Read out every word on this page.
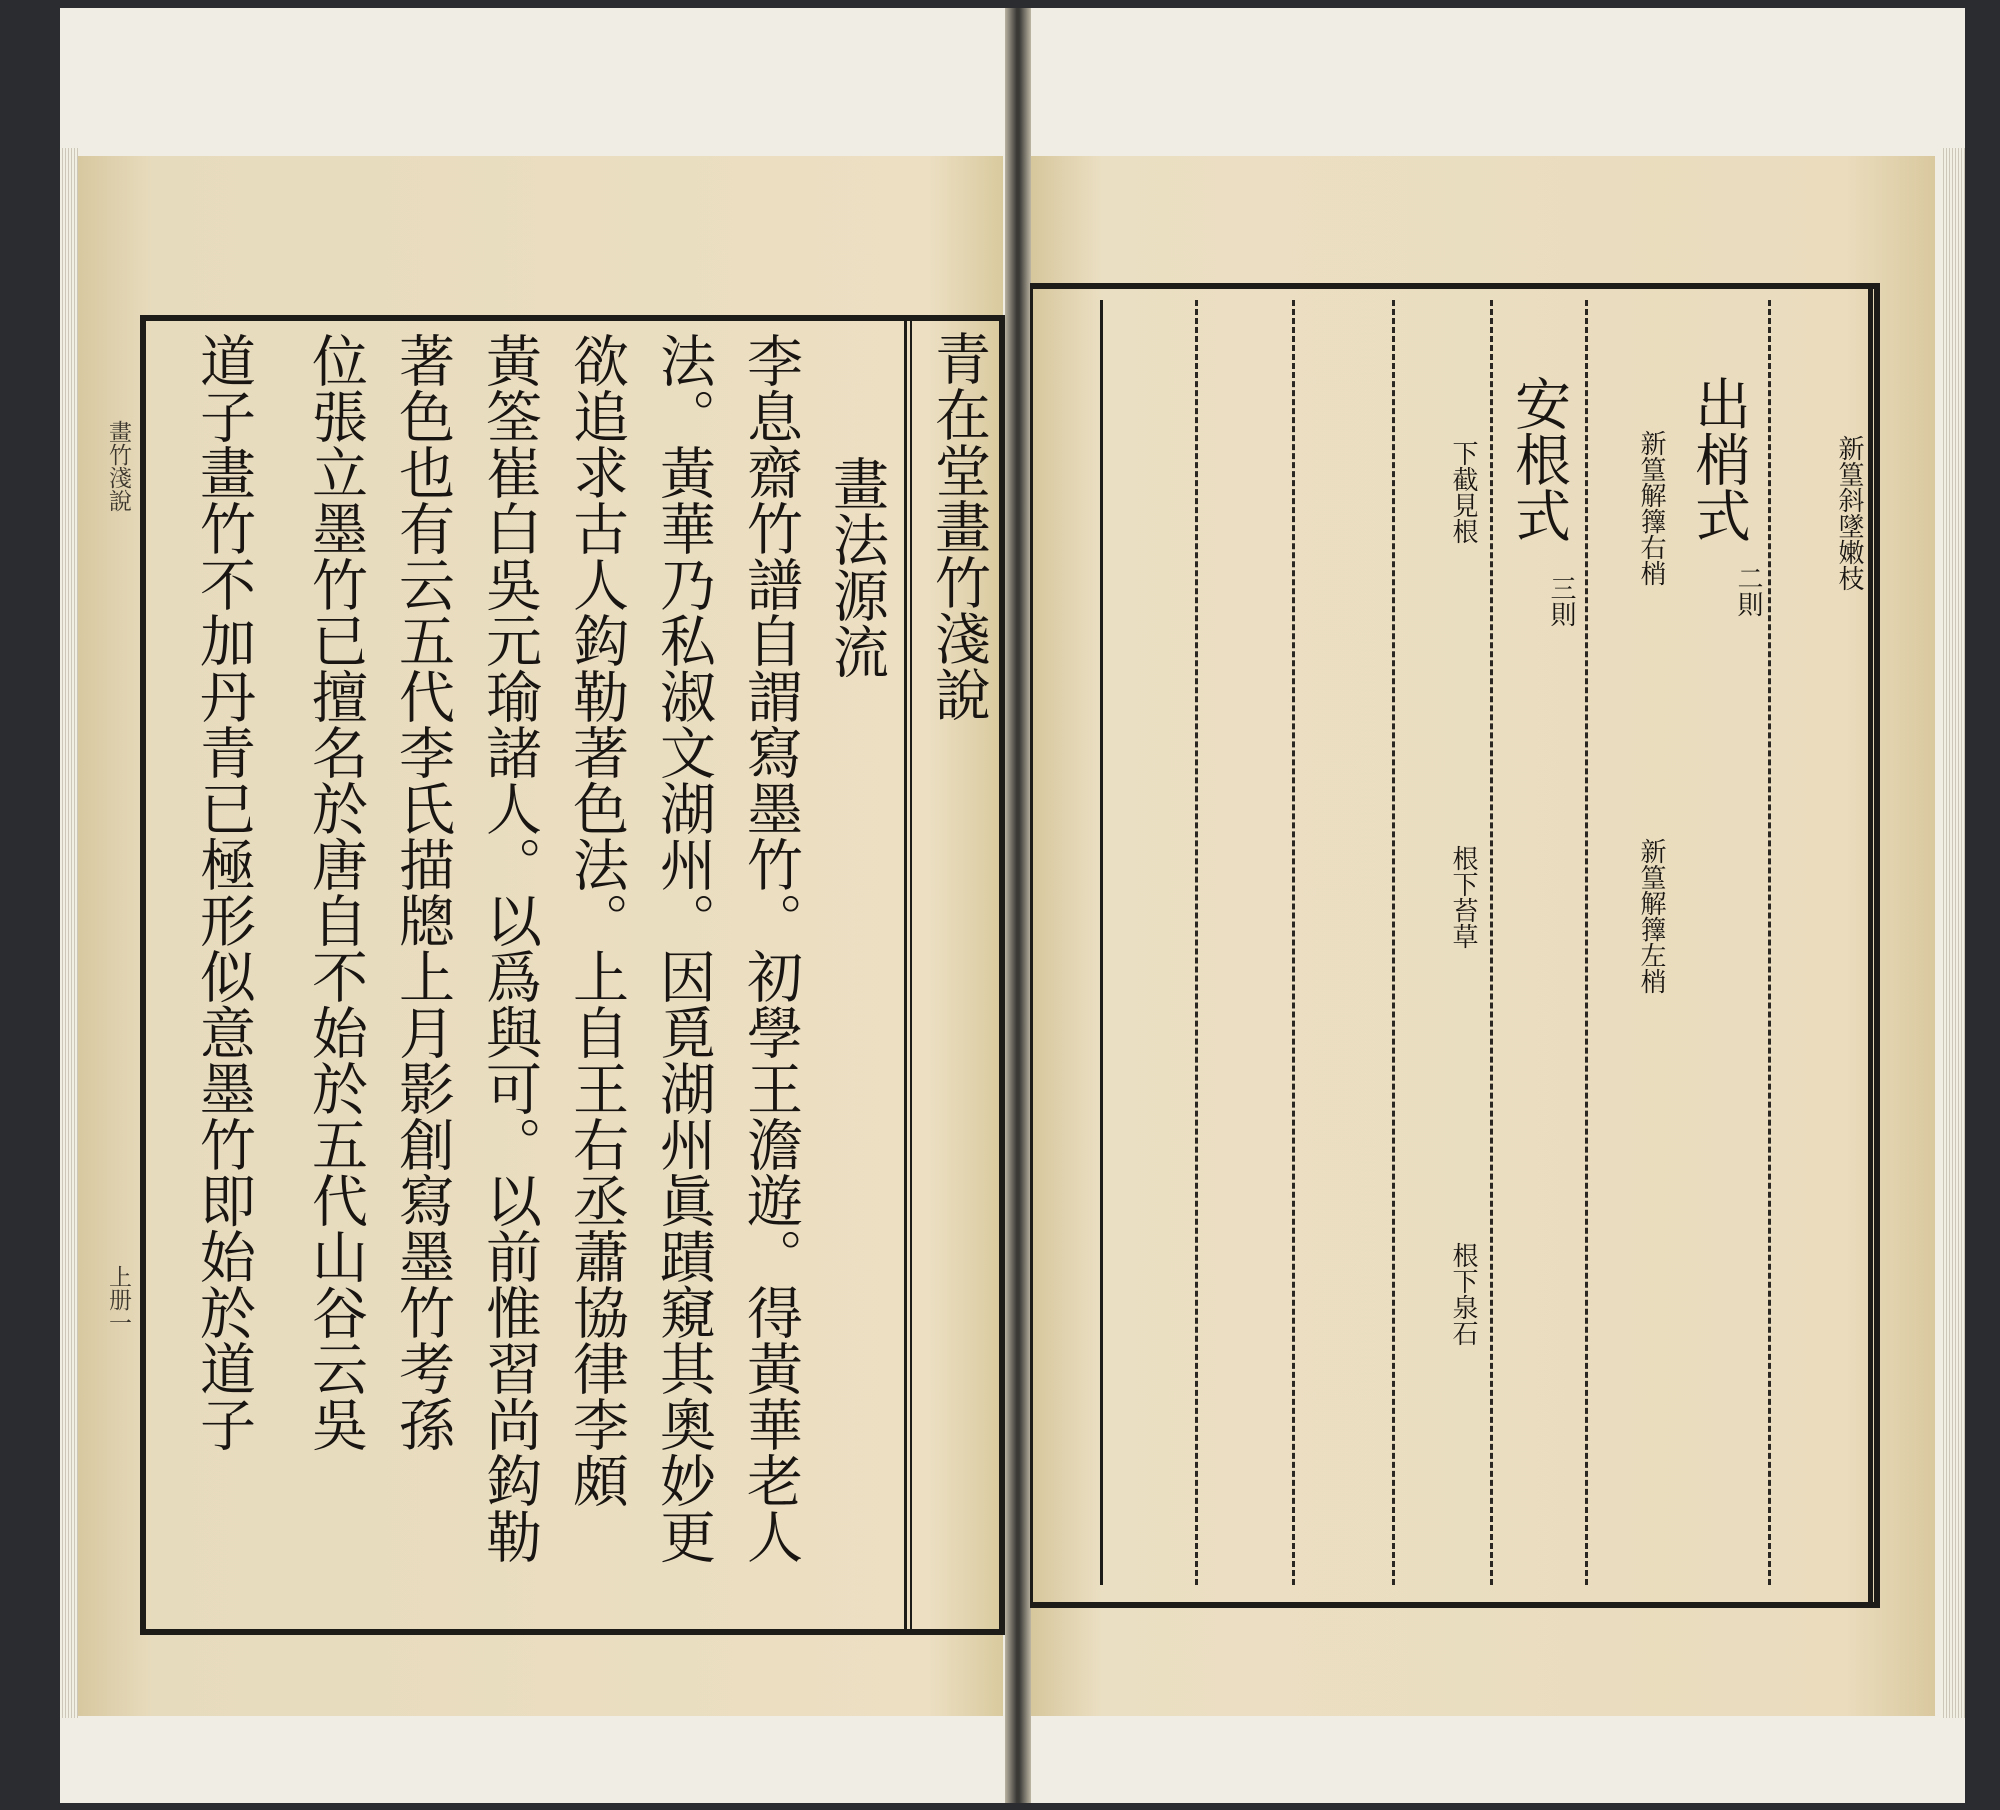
畫竹淺說
上册一
青在堂畫竹淺說
畫法源流
李息齋竹譜自謂寫墨竹。初學王澹遊。得黃華老人
法。黃華乃私淑文湖州。因覓湖州眞蹟窺其奧妙更
欲追求古人鈎勒著色法。上自王右丞蕭協律李頗
黃筌崔白吳元瑜諸人。以爲與可。以前惟習尚鈎勒
著色也有云五代李氏描牕上月影創寫墨竹考孫
位張立墨竹已擅名於唐自不始於五代山谷云吳
道子畫竹不加丹青已極形似意墨竹即始於道子	新篁斜墜嫩枝
出梢式
二則
新篁解籜右梢
新篁解籜左梢
安根式
三則
下截見根
根下苔草
根下泉石
